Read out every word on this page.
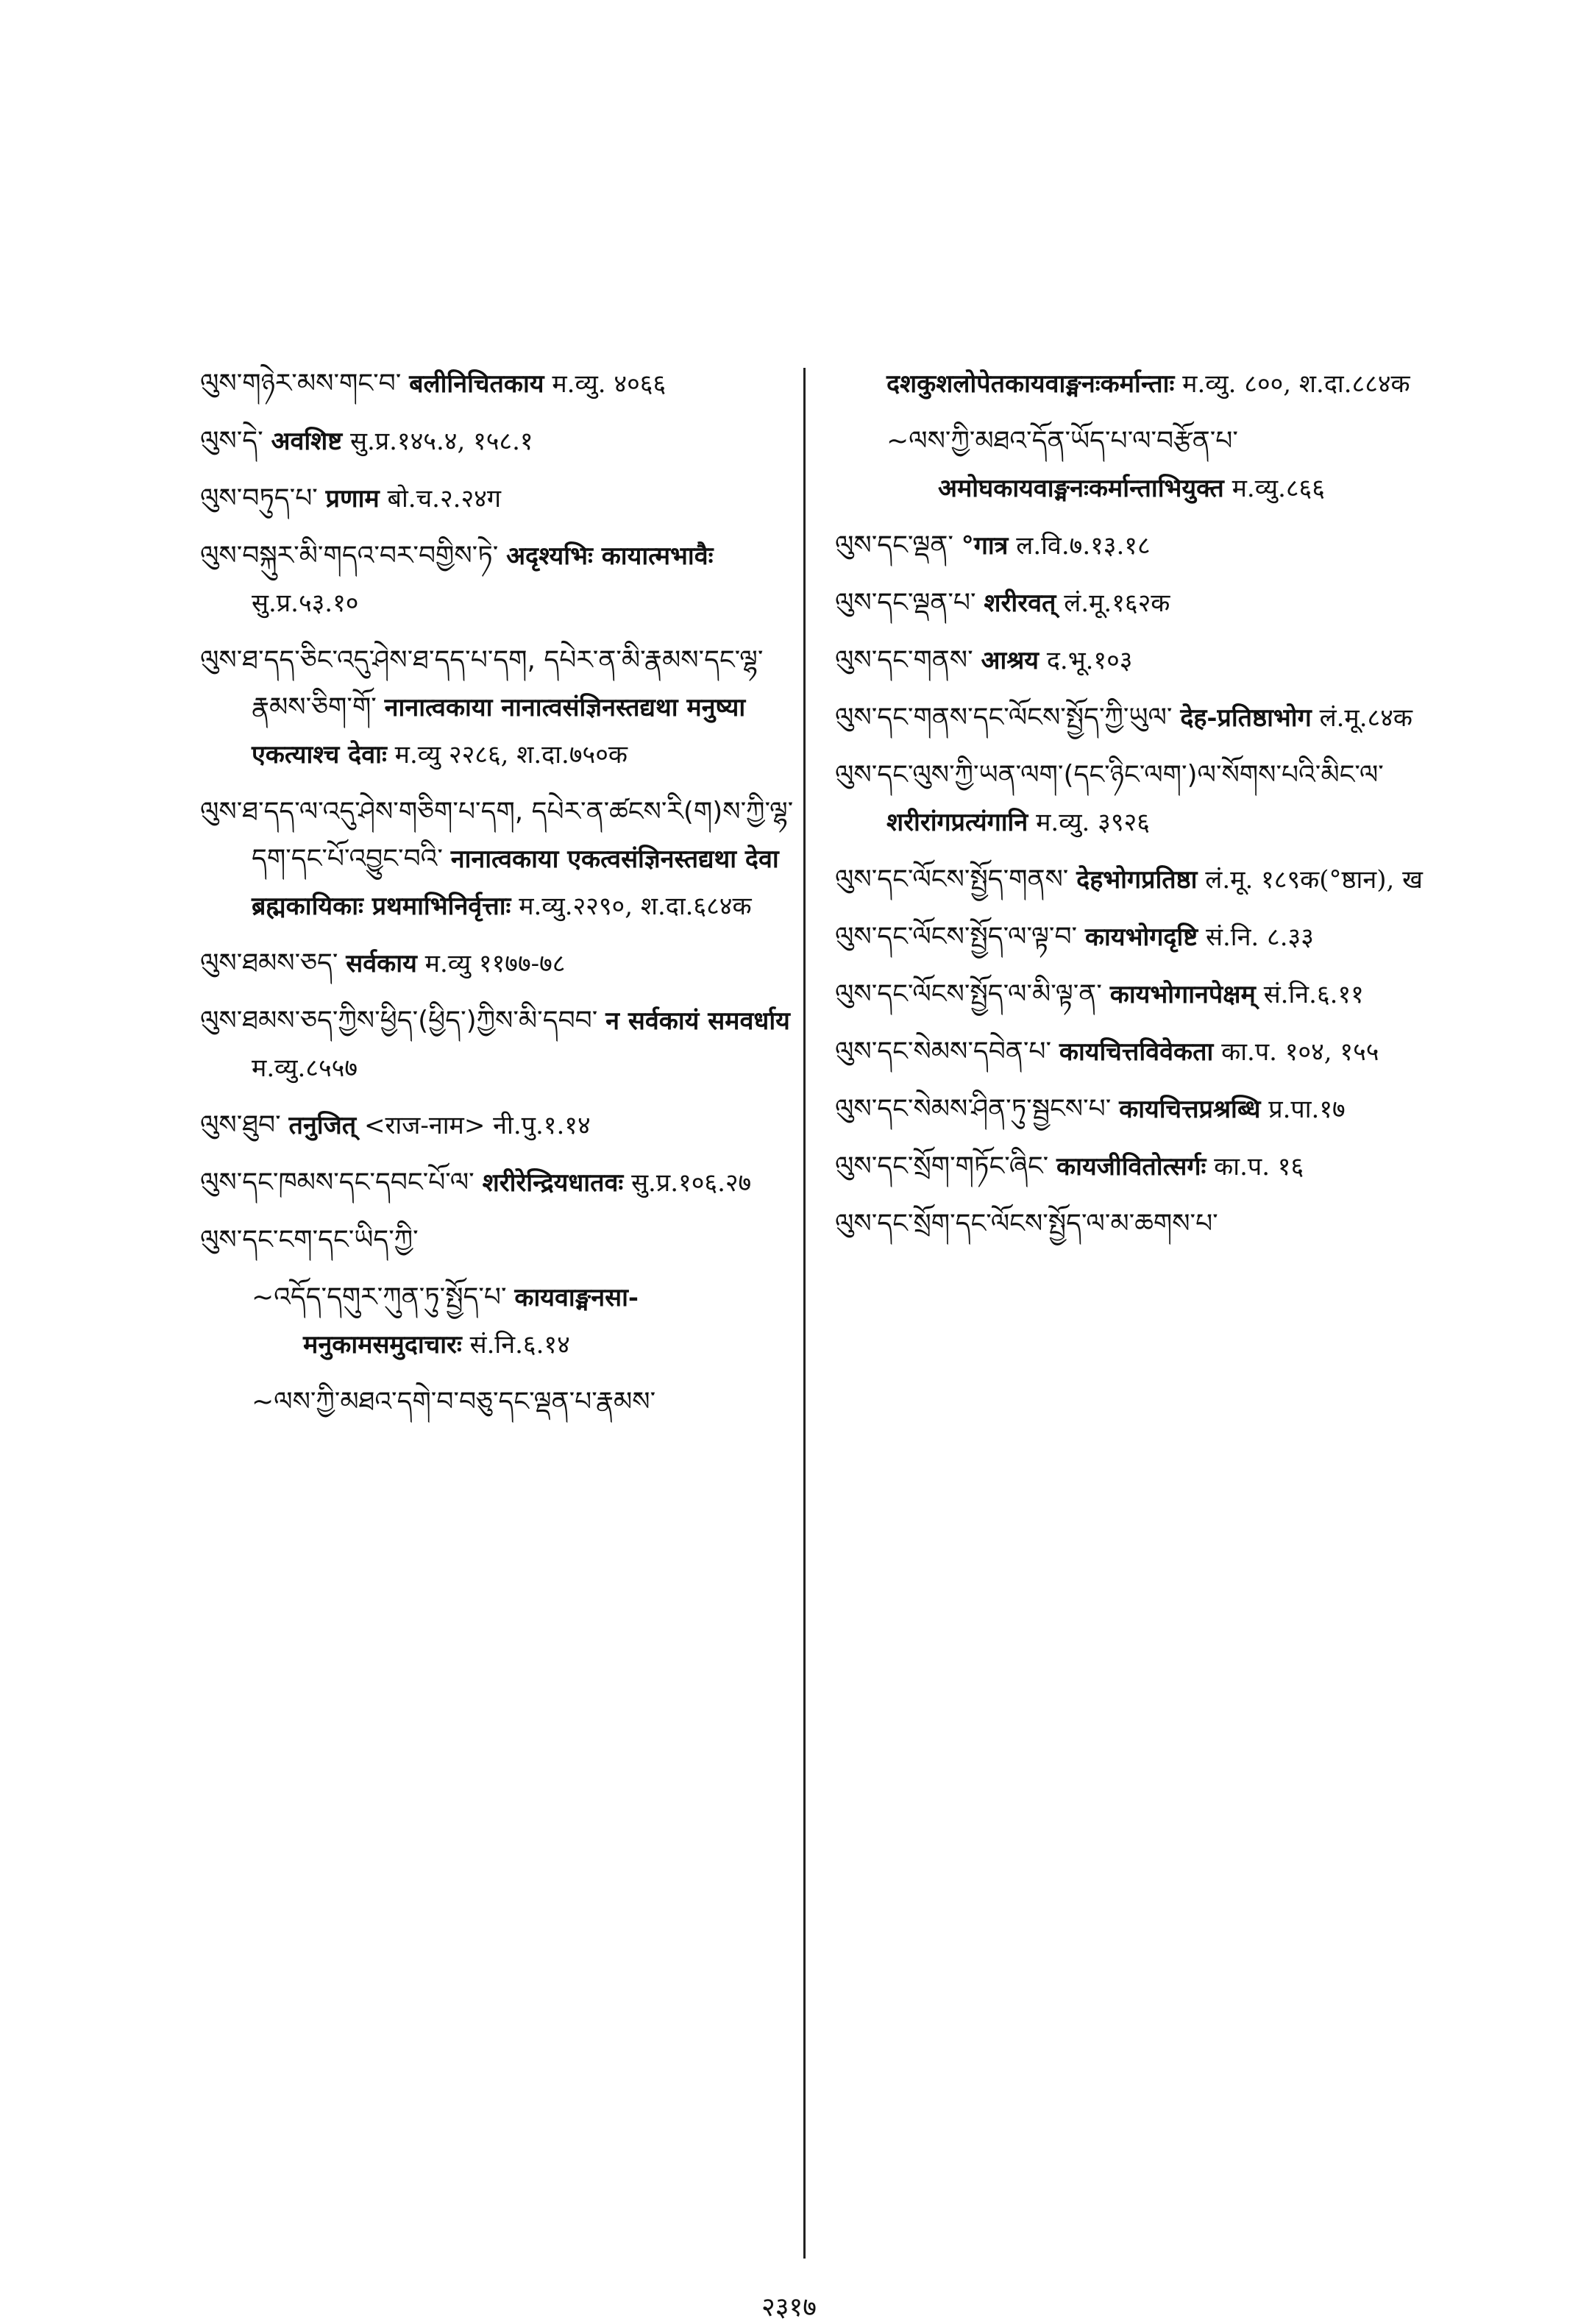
ལུས་གཉེར་མས་གང་བ་ बलीनिचितकाय म.व्यु. ४०६६
ལུས་དེ་ अवशिष्ट सु.प्र.१४५.४, १५८.१
ལུས་བཏུད་པ་ प्रणाम बो.च.२.२४ग
ལུས་བསྐུར་མི་གདའ་བར་བགྱིས་ཏེ་ अदृश्यभिः कायात्मभावैः सु.प्र.५३.१०
ལུས་ཐ་དད་ཅིང་འདུ་ཤེས་ཐ་དད་པ་དག, དཔེར་ན་མི་རྣམས་དང་ལྷ་རྣམས་ཅིག་གོ་ नानात्वकाया नानात्वसंज्ञिनस्तद्यथा मनुष्या एकत्याश्च देवाः म.व्यु २२८६, श.दा.७५०क
ལུས་ཐ་དད་ལ་འདུ་ཤེས་གཅིག་པ་དག, དཔེར་ན་ཚངས་རི(ག)ས་ཀྱི་ལྷ་དག་དང་པོ་འབྱུང་བའི་ नानात्वकाया एकत्वसंज्ञिनस्तद्यथा देवा ब्रह्मकायिकाः प्रथमाभिनिर्वृत्ताः म.व्यु.२२९०, श.दा.६८४क
ལུས་ཐམས་ཅད་ सर्वकाय म.व्यु ११७७-७८
ལུས་ཐམས་ཅད་ཀྱིས་ཕྱིད་(ཕྱིད་)ཀྱིས་མི་དབབ་ न सर्वकायं समवर्धाय म.व्यु.८५५७
ལུས་ཐུབ་ तनुजित् <राज-नाम> नी.पु.१.१४
ལུས་དང་ཁམས་དང་དབང་པོ་ལ་ शरीरेन्द्रियधातवः सु.प्र.१०६.२७
ལུས་དང་ངག་དང་ཡིད་ཀྱི་
~འདོད་དགུར་ཀུན་ཏུ་སྤྱོད་པ་ कायवाङ्मनसा-मनुकामसमुदाचारः सं.नि.६.१४
~ལས་ཀྱི་མཐའ་དགེ་བ་བཅུ་དང་ལྡན་པ་རྣམས་
दशकुशलोपेतकायवाङ्मनःकर्मान्ताः म.व्यु. ८००, श.दा.८८४क
~ལས་ཀྱི་མཐའ་དོན་ཡོད་པ་ལ་བརྩོན་པ་ अमोघकायवाङ्मनःकर्मान्ताभियुक्त म.व्यु.८६६
ལུས་དང་ལྡན་ °गात्र ल.वि.७.१३.१८
ལུས་དང་ལྡན་པ་ शरीरवत् लं.मू.१६२क
ལུས་དང་གནས་ आश्रय द.भू.१०३
ལུས་དང་གནས་དང་ལོངས་སྤྱོད་ཀྱི་ཡུལ་ देह-प्रतिष्ठाभोग लं.मू.८४क
ལུས་དང་ལུས་ཀྱི་ཡན་ལག་(དང་ཉིང་ལག་)ལ་སོགས་པའི་མིང་ལ་ शरीरांगप्रत्यंगानि म.व्यु. ३९२६
ལུས་དང་ལོངས་སྤྱོད་གནས་ देहभोगप्रतिष्ठा लं.मू. १८९क(°ष्ठान), ख
ལུས་དང་ལོངས་སྤྱོད་ལ་ལྟ་བ་ कायभोगदृष्टि सं.नि. ८.३३
ལུས་དང་ལོངས་སྤྱོད་ལ་མི་ལྟ་ན་ कायभोगानपेक्षम् सं.नि.६.११
ལུས་དང་སེམས་དབེན་པ་ कायचित्तविवेकता का.प. १०४, १५५
ལུས་དང་སེམས་ཤིན་ཏུ་སྦྱངས་པ་ कायचित्तप्रश्रब्धि प्र.पा.१७
ལུས་དང་སྲོག་གཏོང་ཞིང་ कायजीवितोत्सर्गः का.प. १६
ལུས་དང་སྲོག་དང་ལོངས་སྤྱོད་ལ་མ་ཆགས་པ་
२३१७
